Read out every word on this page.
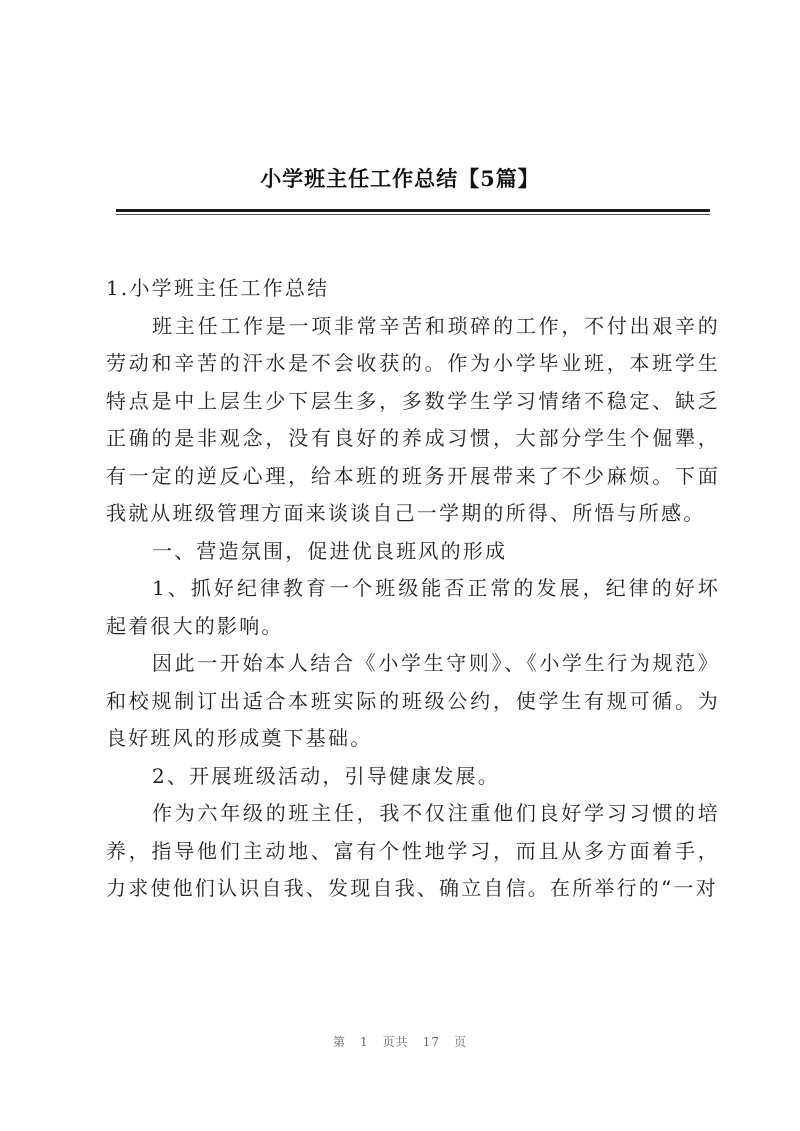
小学班主任工作总结【5篇】

1.小学班主任工作总结

班主任工作是一项非常辛苦和琐碎的工作，不付出艰辛的劳动和辛苦的汗水是不会收获的。作为小学毕业班，本班学生特点是中上层生少下层生多，多数学生学习情绪不稳定、缺乏正确的是非观念，没有良好的养成习惯，大部分学生个倔犟，有一定的逆反心理，给本班的班务开展带来了不少麻烦。下面我就从班级管理方面来谈谈自己一学期的所得、所悟与所感。

一、营造氛围，促进优良班风的形成

1、抓好纪律教育一个班级能否正常的发展，纪律的好坏起着很大的影响。

因此一开始本人结合《小学生守则》、《小学生行为规范》和校规制订出适合本班实际的班级公约，使学生有规可循。为良好班风的形成奠下基础。

2、开展班级活动，引导健康发展。

作为六年级的班主任，我不仅注重他们良好学习习惯的培养，指导他们主动地、富有个性地学习，而且从多方面着手，力求使他们认识自我、发现自我、确立自信。在所举行的“一对

第 1 页共 17 页
